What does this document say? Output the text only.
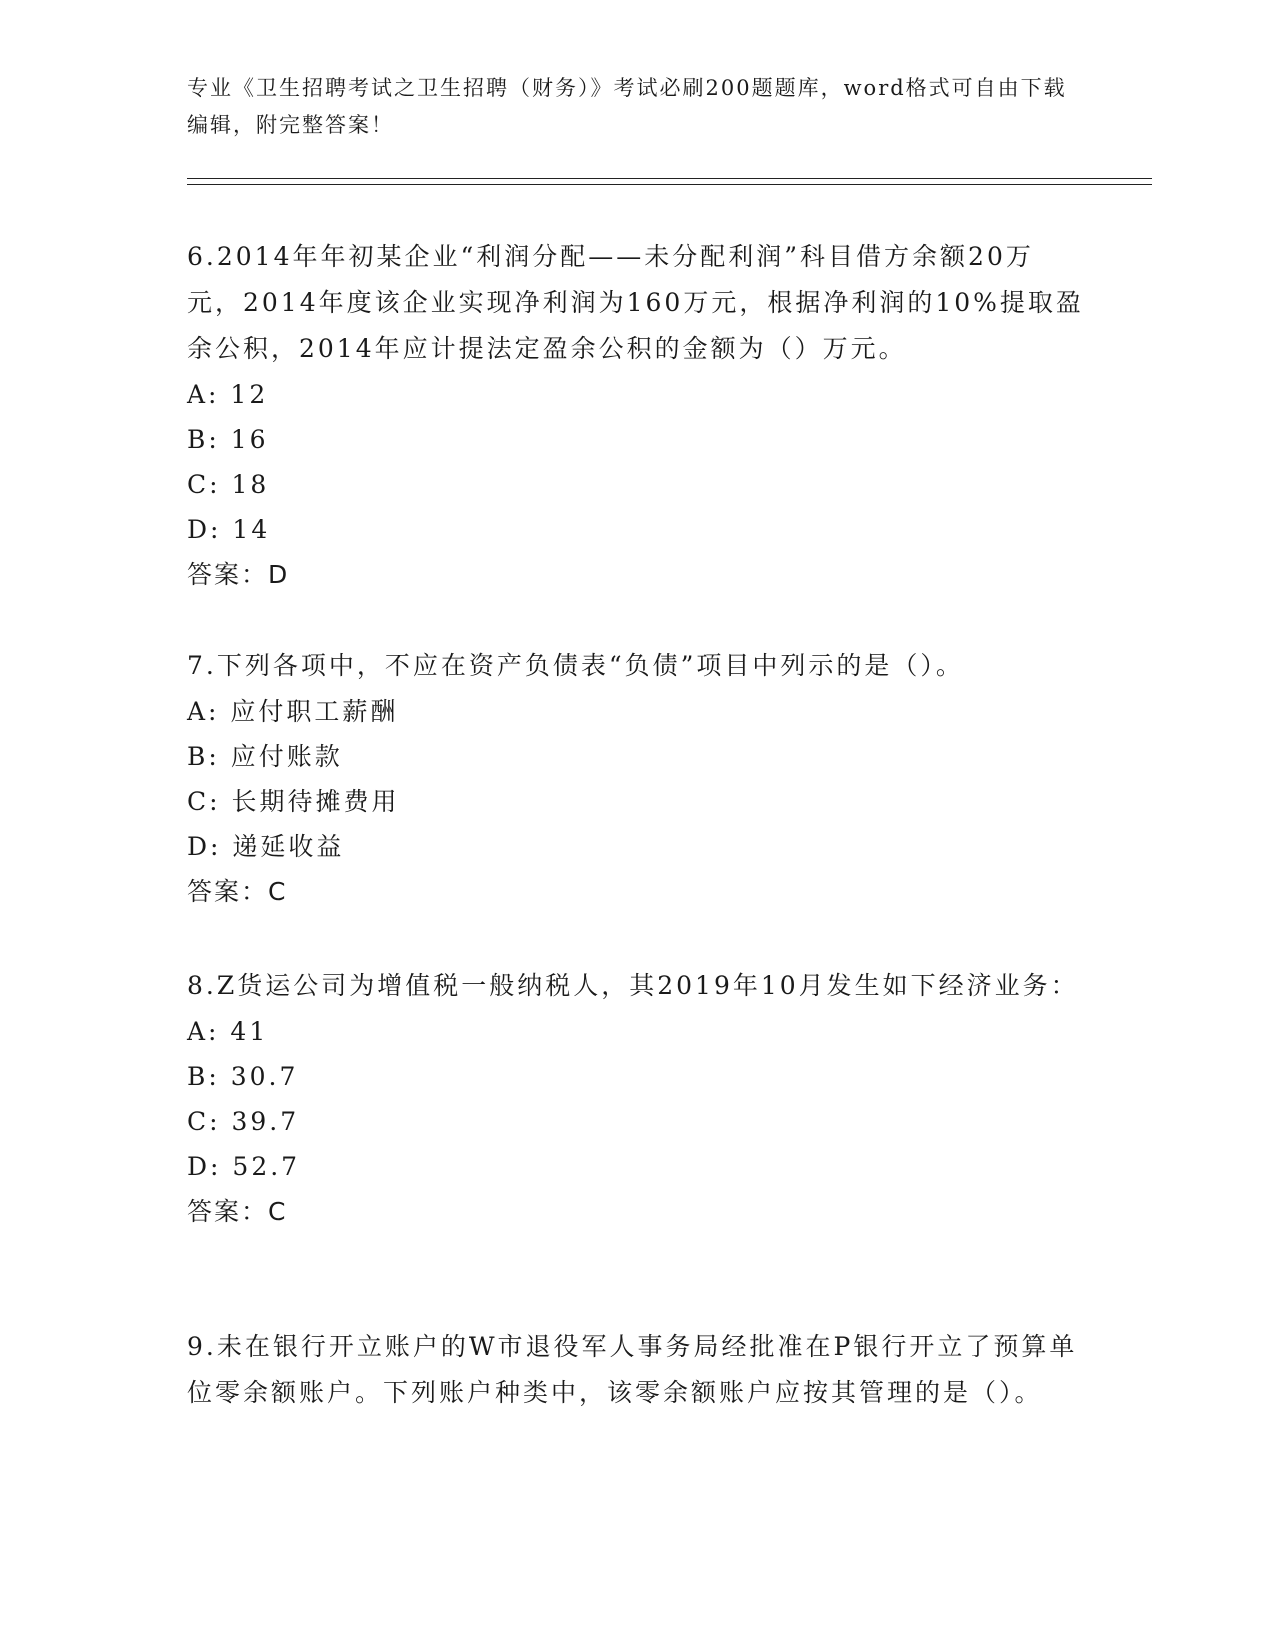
专业《卫生招聘考试之卫生招聘（财务）》考试必刷200题题库，word格式可自由下载编辑，附完整答案！

6.2014年年初某企业“利润分配——未分配利润”科目借方余额20万元，2014年度该企业实现净利润为160万元，根据净利润的10%提取盈余公积，2014年应计提法定盈余公积的金额为（）万元。

A: 12

B: 16

C: 18

D: 14

答案：D

7.下列各项中，不应在资产负债表“负债”项目中列示的是（）。

A: 应付职工薪酬

B: 应付账款

C: 长期待摊费用

D: 递延收益

答案：C

8.Z货运公司为增值税一般纳税人，其2019年10月发生如下经济业务：

A: 41

B: 30.7

C: 39.7

D: 52.7

答案：C

9.未在银行开立账户的W市退役军人事务局经批准在P银行开立了预算单位零余额账户。下列账户种类中，该零余额账户应按其管理的是（）。
